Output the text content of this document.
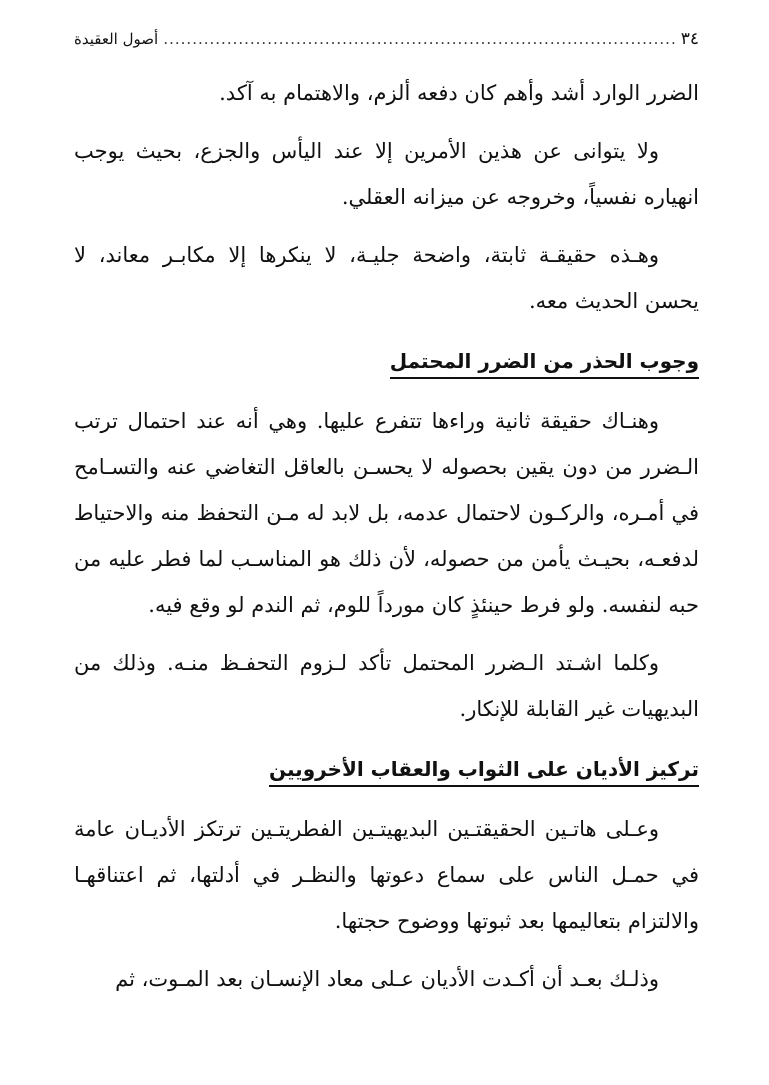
٣٤
.....
أصول العقيدة

الضرر الوارد أشد وأهم كان دفعه ألزم، والاهتمام به آكد.

ولا يتوانى عن هذين الأمرين إلا عند اليأس والجزع، بحيث يوجب انهياره نفسياً، وخروجه عن ميزانه العقلي.

وهـذه حقيقـة ثابتة، واضحة جليـة، لا ينكرها إلا مكابـر معاند، لا يحسن الحديث معه.

وجوب الحذر من الضرر المحتمل

وهنـاك حقيقة ثانية وراءها تتفرع عليها. وهي أنه عند احتمال ترتب الـضرر من دون يقين بحصوله لا يحسـن بالعاقل التغاضي عنه والتسـامح في أمـره، والركـون لاحتمال عدمه، بل لابد له مـن التحفظ منه والاحتياط لدفعـه، بحيـث يأمن من حصوله، لأن ذلك هو المناسـب لما فطر عليه من حبه لنفسه. ولو فرط حينئذٍ كان مورداً للوم، ثم الندم لو وقع فيه.

وكلما اشـتد الـضرر المحتمل تأكد لـزوم التحفـظ منـه. وذلك من البديهيات غير القابلة للإنكار.

تركيز الأديان على الثواب والعقاب الأخرويين

وعـلى هاتـين الحقيقتـين البديهيتـين الفطريتـين ترتكز الأديـان عامة في حمـل الناس على سماع دعوتها والنظـر في أدلتها، ثم اعتناقهـا والالتزام بتعاليمها بعد ثبوتها ووضوح حجتها.

وذلـك بعـد أن أكـدت الأديان عـلى معاد الإنسـان بعد المـوت، ثم
